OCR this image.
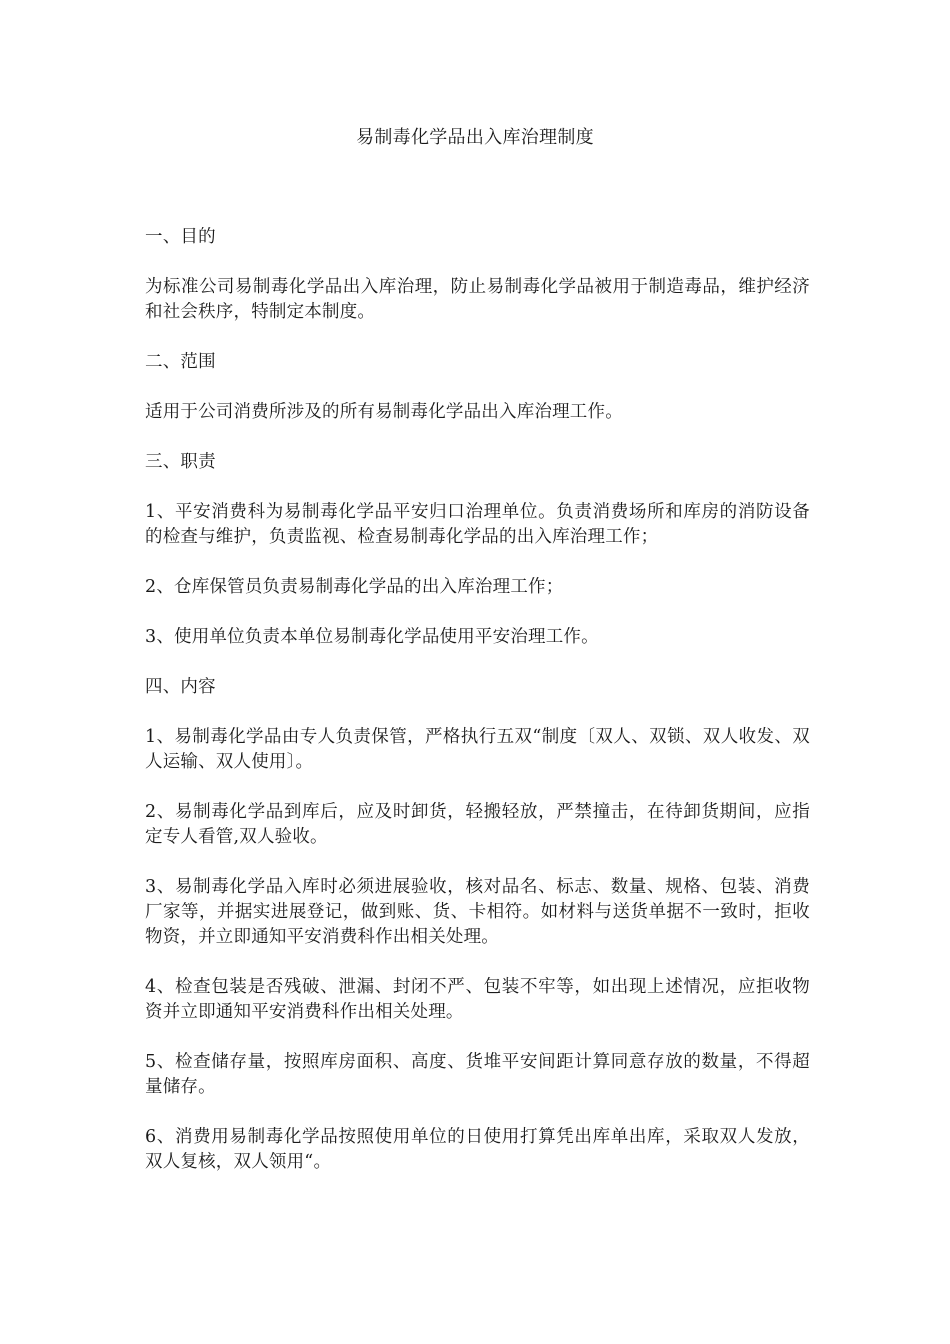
易制毒化学品出入库治理制度

一、目的

为标准公司易制毒化学品出入库治理，防止易制毒化学品被用于制造毒品，维护经济和社会秩序，特制定本制度。

二、范围

适用于公司消费所涉及的所有易制毒化学品出入库治理工作。

三、职责

1、平安消费科为易制毒化学品平安归口治理单位。负责消费场所和库房的消防设备的检查与维护，负责监视、检查易制毒化学品的出入库治理工作；

2、仓库保管员负责易制毒化学品的出入库治理工作；

3、使用单位负责本单位易制毒化学品使用平安治理工作。

四、内容

1、易制毒化学品由专人负责保管，严格执行五双“制度〔双人、双锁、双人收发、双人运输、双人使用〕。

2、易制毒化学品到库后，应及时卸货，轻搬轻放，严禁撞击，在待卸货期间，应指定专人看管,双人验收。

3、易制毒化学品入库时必须进展验收，核对品名、标志、数量、规格、包装、消费厂家等，并据实进展登记，做到账、货、卡相符。如材料与送货单据不一致时，拒收物资，并立即通知平安消费科作出相关处理。

4、检查包装是否残破、泄漏、封闭不严、包装不牢等，如出现上述情况，应拒收物资并立即通知平安消费科作出相关处理。

5、检查储存量，按照库房面积、高度、货堆平安间距计算同意存放的数量，不得超量储存。

6、消费用易制毒化学品按照使用单位的日使用打算凭出库单出库，采取双人发放，双人复核，双人领用“。
